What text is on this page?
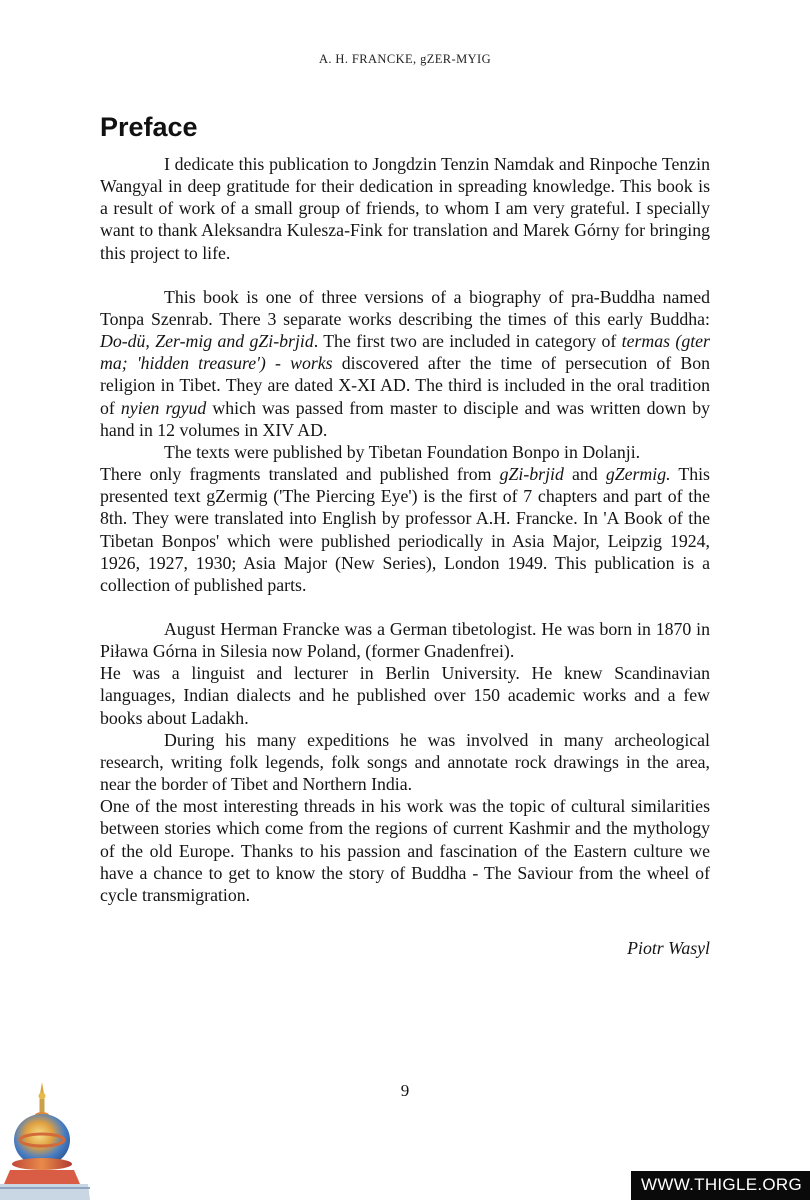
A. H. FRANCKE, gZER-MYIG
Preface

I dedicate this publication to Jongdzin Tenzin Namdak and Rinpoche Tenzin Wangyal in deep gratitude for their dedication in spreading knowledge. This book is a result of work of a small group of friends, to whom I am very grateful. I specially want to thank Aleksandra Kulesza-Fink for translation and Marek Górny for bringing this project to life.

This book is one of three versions of a biography of pra-Buddha named Tonpa Szenrab. There 3 separate works describing the times of this early Buddha: Do-dü, Zer-mig and gZi-brjid. The first two are included in category of termas (gter ma; 'hidden treasure') - works discovered after the time of persecution of Bon religion in Tibet. They are dated X-XI AD. The third is included in the oral tradition of nyien rgyud which was passed from master to disciple and was written down by hand in 12 volumes in XIV AD.

The texts were published by Tibetan Foundation Bonpo in Dolanji.

There only fragments translated and published from gZi-brjid and gZermig. This presented text gZermig ('The Piercing Eye') is the first of 7 chapters and part of the 8th. They were translated into English by professor A.H. Francke. In 'A Book of the Tibetan Bonpos' which were published periodically in Asia Major, Leipzig 1924, 1926, 1927, 1930; Asia Major (New Series), London 1949. This publication is a collection of published parts.

August Herman Francke was a German tibetologist. He was born in 1870 in Piława Górna in Silesia now Poland, (former Gnadenfrei).

He was a linguist and lecturer in Berlin University. He knew Scandinavian languages, Indian dialects and he published over 150 academic works and a few books about Ladakh.

During his many expeditions he was involved in many archeological research, writing folk legends, folk songs and annotate rock drawings in the area, near the border of Tibet and Northern India.

One of the most interesting threads in his work was the topic of cultural similarities between stories which come from the regions of current Kashmir and the mythology of the old Europe. Thanks to his passion and fascination of the Eastern culture we have a chance to get to know the story of Buddha - The Saviour from the wheel of cycle transmigration.

Piotr Wasyl
9
WWW.THIGLE.ORG
